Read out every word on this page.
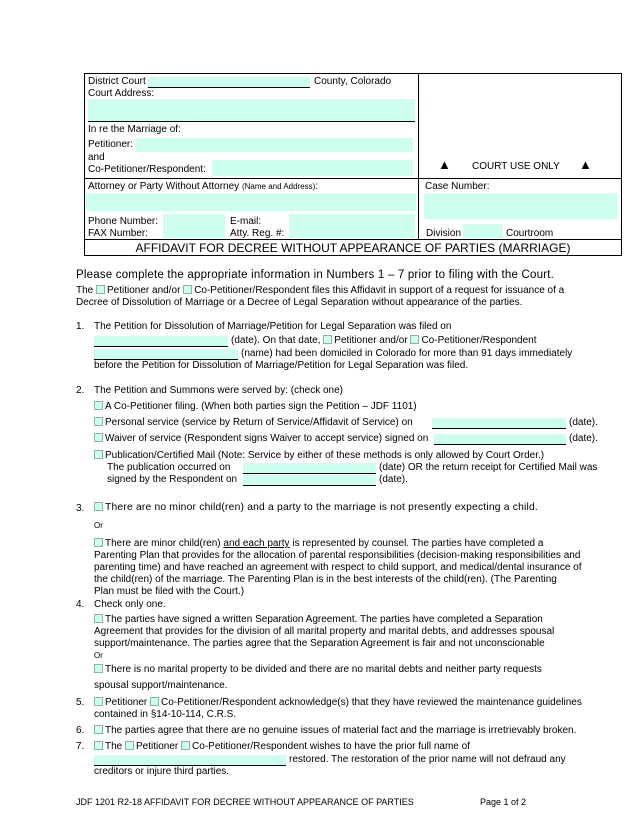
District Court	County, Colorado
Court Address:
In re the Marriage of:
Petitioner:
and
Co-Petitioner/Respondent:	▲ COURT USE ONLY ▲
Attorney or Party Without Attorney (Name and Address):	Case Number:
Phone Number:	E-mail:
FAX Number:	Atty. Reg. #:	Division	Courtroom
AFFIDAVIT FOR DECREE WITHOUT APPEARANCE OF PARTIES (MARRIAGE)
Please complete the appropriate information in Numbers 1 – 7 prior to filing with the Court.
The Petitioner and/or Co-Petitioner/Respondent files this Affidavit in support of a request for issuance of a
Decree of Dissolution of Marriage or a Decree of Legal Separation without appearance of the parties.
1. The Petition for Dissolution of Marriage/Petition for Legal Separation was filed on
(date). On that date, Petitioner and/or Co-Petitioner/Respondent
(name) had been domiciled in Colorado for more than 91 days immediately
before the Petition for Dissolution of Marriage/Petition for Legal Separation was filed.
2. The Petition and Summons were served by: (check one)
A Co-Petitioner filing. (When both parties sign the Petition – JDF 1101)
Personal service (service by Return of Service/Affidavit of Service) on	(date).
Waiver of service (Respondent signs Waiver to accept service) signed on	(date).
Publication/Certified Mail (Note: Service by either of these methods is only allowed by Court Order.)
The publication occurred on	(date) OR the return receipt for Certified Mail was
signed by the Respondent on	(date).
3.	There are no minor child(ren) and a party to the marriage is not presently expecting a child.
Or
There are minor child(ren) and each party is represented by counsel. The parties have completed a
Parenting Plan that provides for the allocation of parental responsibilities (decision-making responsibilities and
parenting time) and have reached an agreement with respect to child support, and medical/dental insurance of
the child(ren) of the marriage. The Parenting Plan is in the best interests of the child(ren). (The Parenting
Plan must be filed with the Court.)
4. Check only one.
The parties have signed a written Separation Agreement. The parties have completed a Separation
Agreement that provides for the division of all marital property and marital debts, and addresses spousal
support/maintenance. The parties agree that the Separation Agreement is fair and not unconscionable
Or
There is no marital property to be divided and there are no marital debts and neither party requests
spousal support/maintenance.
5.	Petitioner Co-Petitioner/Respondent acknowledge(s) that they have reviewed the maintenance guidelines
contained in §14-10-114, C.R.S.
6.	The parties agree that there are no genuine issues of material fact and the marriage is irretrievably broken.
7.	The Petitioner Co-Petitioner/Respondent wishes to have the prior full name of
restored. The restoration of the prior name will not defraud any
creditors or injure third parties.
JDF 1201 R2-18 AFFIDAVIT FOR DECREE WITHOUT APPEARANCE OF PARTIES	Page 1 of 2
